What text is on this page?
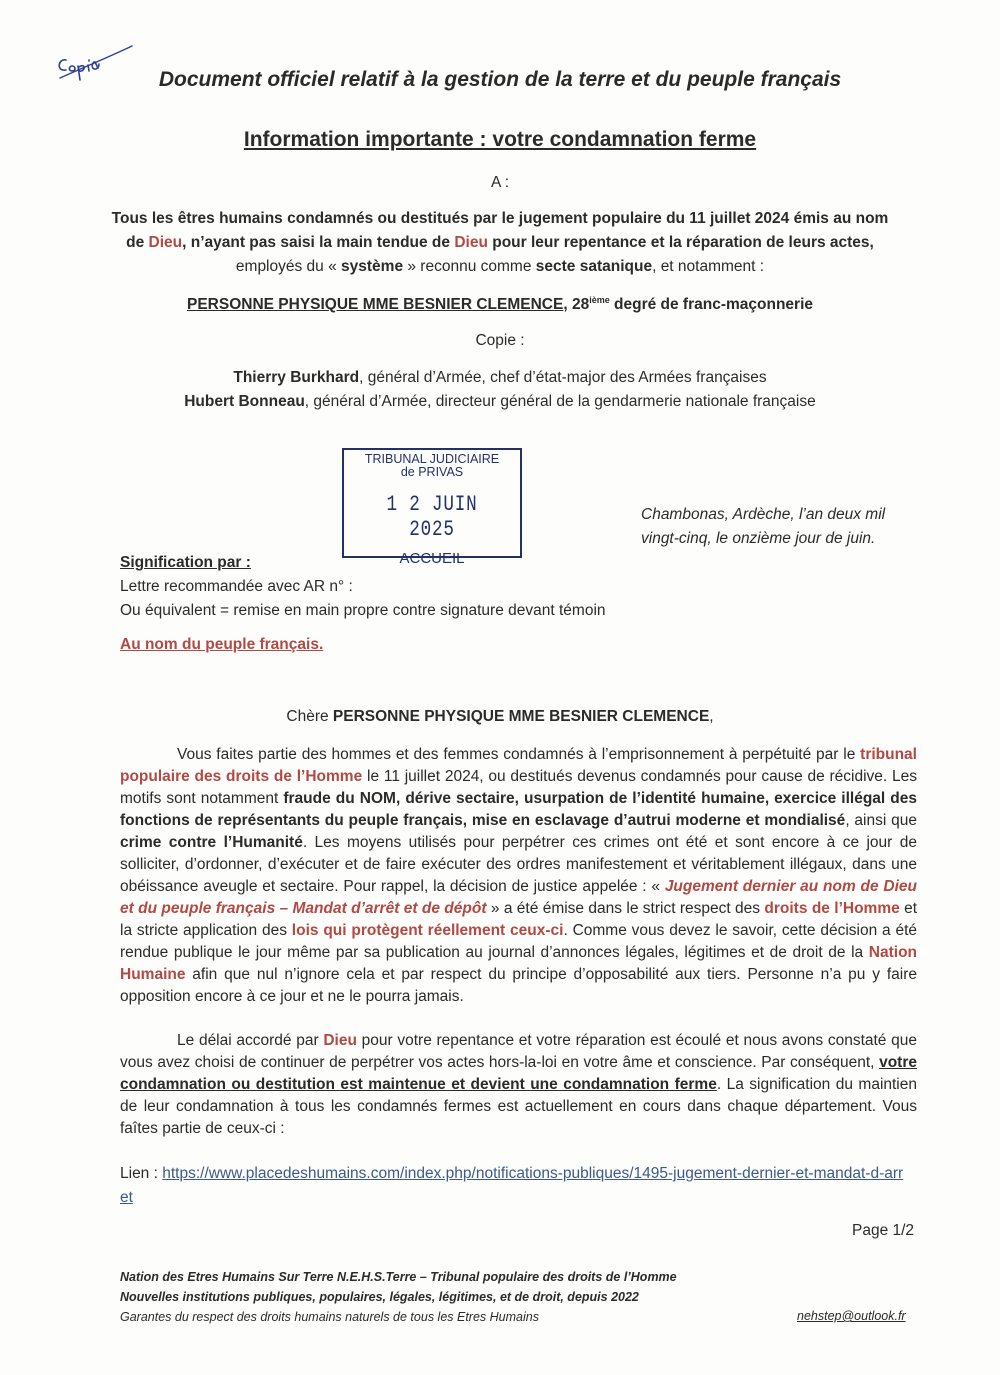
Document officiel relatif à la gestion de la terre et du peuple français
Information importante : votre condamnation ferme
A :
Tous les êtres humains condamnés ou destitués par le jugement populaire du 11 juillet 2024 émis au nom
de Dieu, n’ayant pas saisi la main tendue de Dieu pour leur repentance et la réparation de leurs actes,
employés du « système » reconnu comme secte satanique, et notamment :
PERSONNE PHYSIQUE MME BESNIER CLEMENCE, 28ième degré de franc-maçonnerie
Copie :
Thierry Burkhard, général d’Armée, chef d’état-major des Armées françaises
Hubert Bonneau, général d’Armée, directeur général de la gendarmerie nationale française
TRIBUNAL JUDICIAIRE
de PRIVAS
1 2 JUIN 2025
ACCUEIL
Chambonas, Ardèche, l’an deux mil
vingt-cinq, le onzième jour de juin.
Signification par :
Lettre recommandée avec AR n° :
Ou équivalent = remise en main propre contre signature devant témoin
Au nom du peuple français.
Chère PERSONNE PHYSIQUE MME BESNIER CLEMENCE,
Vous faites partie des hommes et des femmes condamnés à l’emprisonnement à perpétuité par le tribunal populaire des droits de l’Homme le 11 juillet 2024, ou destitués devenus condamnés pour cause de récidive. Les motifs sont notamment fraude du NOM, dérive sectaire, usurpation de l’identité humaine, exercice illégal des fonctions de représentants du peuple français, mise en esclavage d’autrui moderne et mondialisé, ainsi que crime contre l’Humanité. Les moyens utilisés pour perpétrer ces crimes ont été et sont encore à ce jour de solliciter, d’ordonner, d’exécuter et de faire exécuter des ordres manifestement et véritablement illégaux, dans une obéissance aveugle et sectaire. Pour rappel, la décision de justice appelée : « Jugement dernier au nom de Dieu et du peuple français – Mandat d’arrêt et de dépôt » a été émise dans le strict respect des droits de l’Homme et la stricte application des lois qui protègent réellement ceux-ci. Comme vous devez le savoir, cette décision a été rendue publique le jour même par sa publication au journal d’annonces légales, légitimes et de droit de la Nation Humaine afin que nul n’ignore cela et par respect du principe d’opposabilité aux tiers. Personne n’a pu y faire opposition encore à ce jour et ne le pourra jamais.
Le délai accordé par Dieu pour votre repentance et votre réparation est écoulé et nous avons constaté que vous avez choisi de continuer de perpétrer vos actes hors-la-loi en votre âme et conscience. Par conséquent, votre condamnation ou destitution est maintenue et devient une condamnation ferme. La signification du maintien de leur condamnation à tous les condamnés fermes est actuellement en cours dans chaque département. Vous faîtes partie de ceux-ci :
Lien : https://www.placedeshumains.com/index.php/notifications-publiques/1495-jugement-dernier-et-mandat-d-arret
Page 1/2
Nation des Etres Humains Sur Terre N.E.H.S.Terre – Tribunal populaire des droits de l’Homme
Nouvelles institutions publiques, populaires, légales, légitimes, et de droit, depuis 2022
Garantes du respect des droits humains naturels de tous les Etres Humains	nehstep@outlook.fr
